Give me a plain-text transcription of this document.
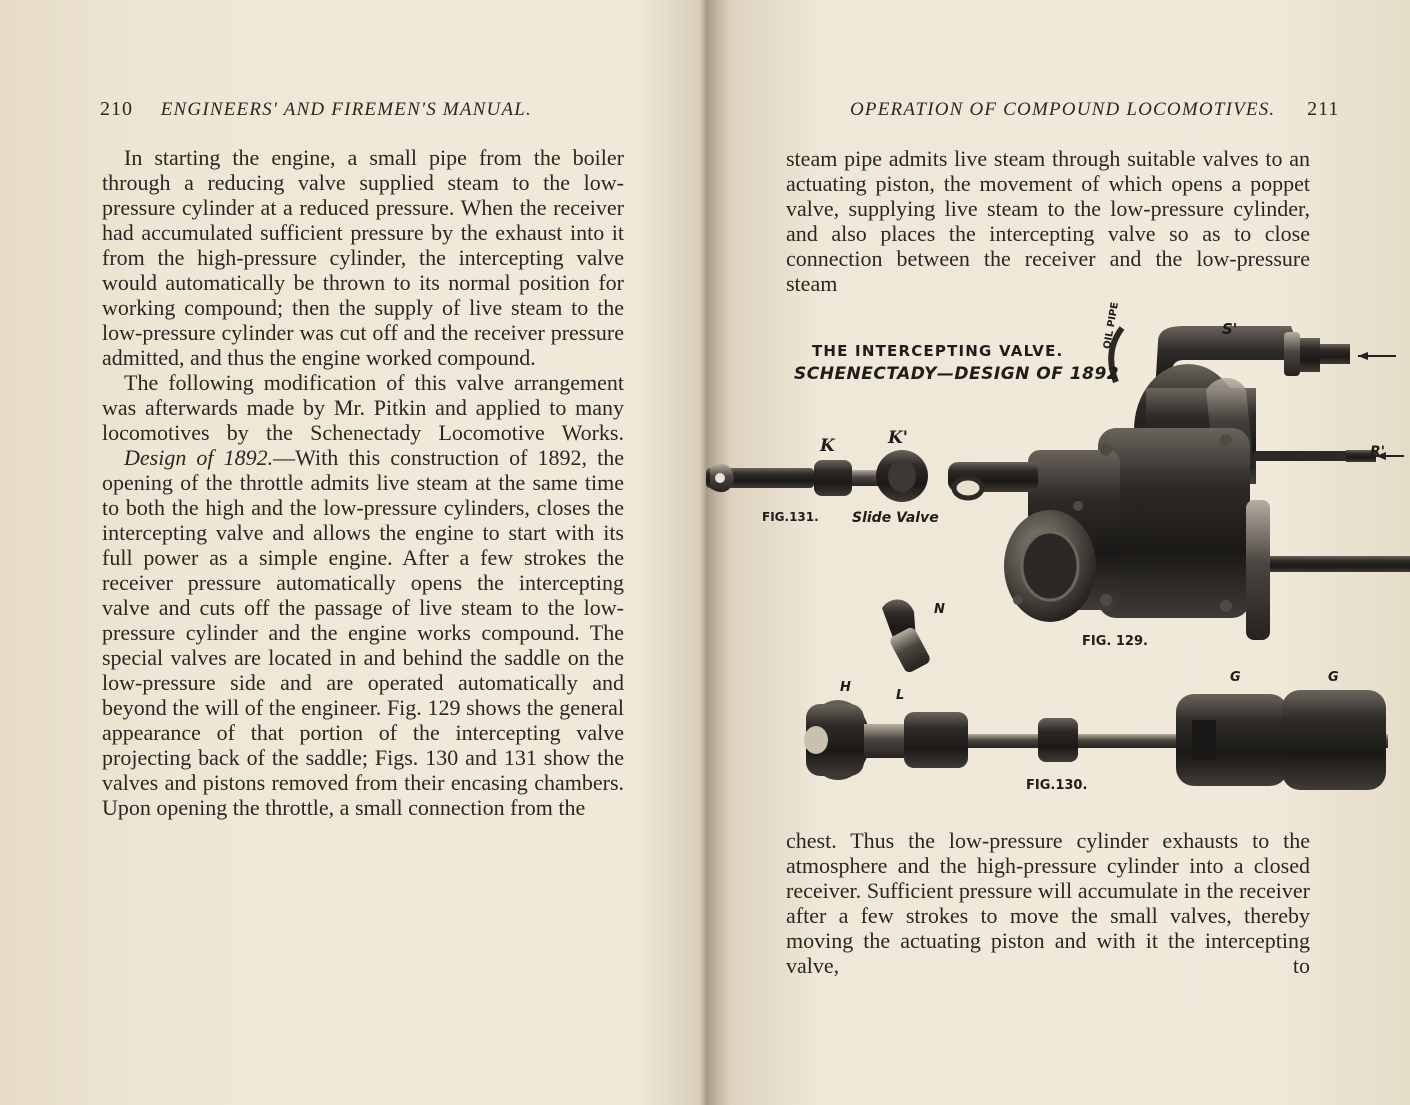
210 ENGINEERS' AND FIREMEN'S MANUAL.

In starting the engine, a small pipe from the boiler through a reducing valve supplied steam to the low-pressure cylinder at a reduced pressure. When the receiver had accumulated sufficient pressure by the exhaust into it from the high-pressure cylinder, the intercepting valve would automatically be thrown to its normal position for working compound; then the supply of live steam to the low-pressure cylinder was cut off and the receiver pressure admitted, and thus the engine worked compound.

The following modification of this valve arrangement was afterwards made by Mr. Pitkin and applied to many locomotives by the Schenectady Locomotive Works.

Design of 1892.—With this construction of 1892, the opening of the throttle admits live steam at the same time to both the high and the low-pressure cylinders, closes the intercepting valve and allows the engine to start with its full power as a simple engine. After a few strokes the receiver pressure automatically opens the intercepting valve and cuts off the passage of live steam to the low-pressure cylinder and the engine works compound. The special valves are located in and behind the saddle on the low-pressure side and are operated automatically and beyond the will of the engineer. Fig. 129 shows the general appearance of that portion of the intercepting valve projecting back of the saddle; Figs. 130 and 131 show the valves and pistons removed from their encasing chambers. Upon opening the throttle, a small connection from the

OPERATION OF COMPOUND LOCOMOTIVES. 211

steam pipe admits live steam through suitable valves to an actuating piston, the movement of which opens a poppet valve, supplying live steam to the low-pressure cylinder, and also places the intercepting valve so as to close connection between the receiver and the low-pressure steam

THE INTERCEPTING VALVE.
SCHENECTADY—DESIGN OF 1892
OIL PIPE	S'
R'
K	K'
FIG.131. Slide Valve
FIG. 129.
N
H
L
G	G
FIG.130.

chest. Thus the low-pressure cylinder exhausts to the atmosphere and the high-pressure cylinder into a closed receiver. Sufficient pressure will accumulate in the receiver after a few strokes to move the small valves, thereby moving the actuating piston and with it the intercepting valve, to
